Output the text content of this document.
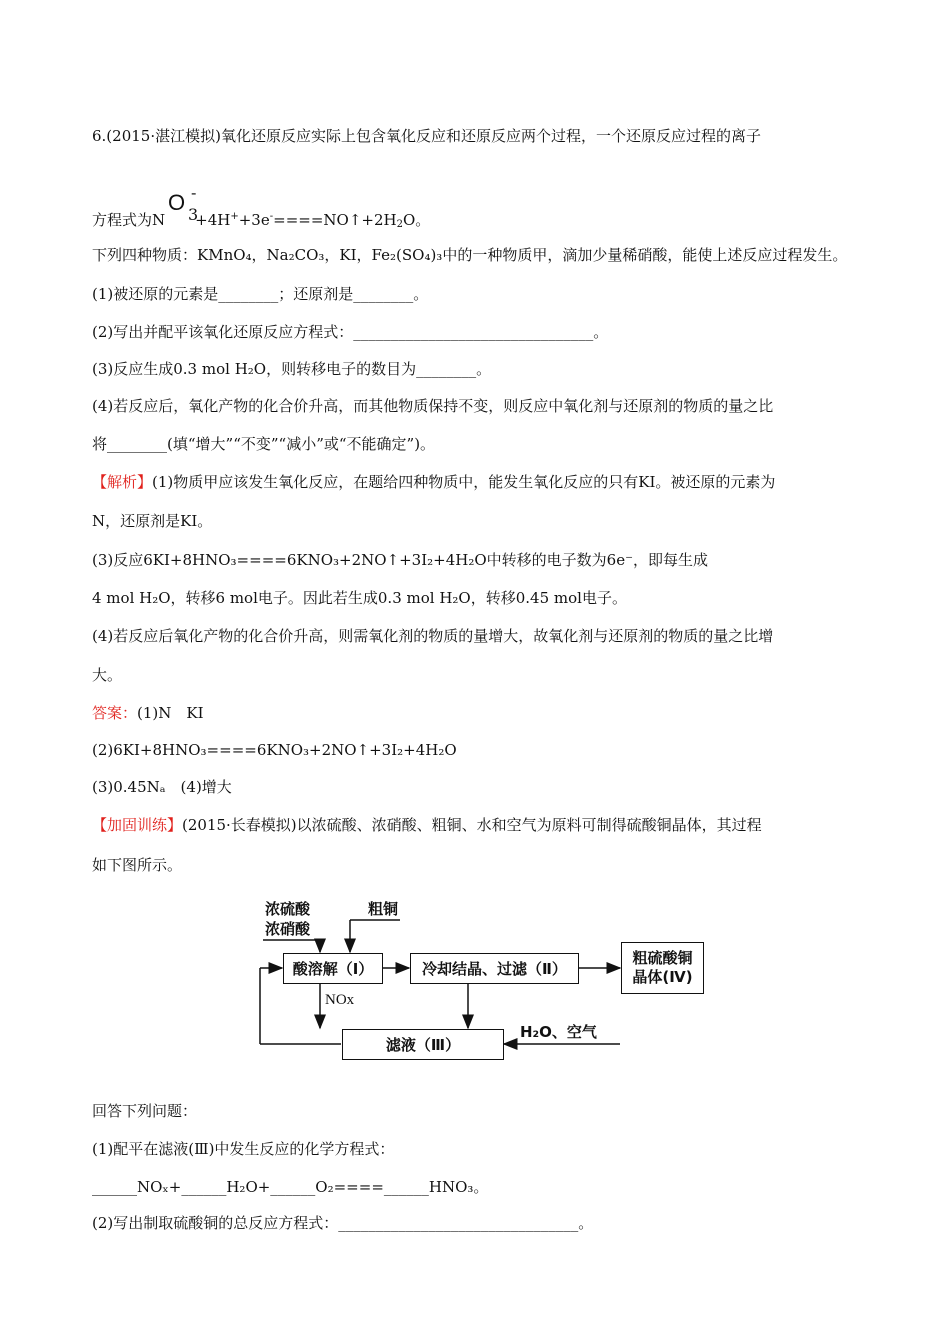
6.(2015·湛江模拟)氧化还原反应实际上包含氧化反应和还原反应两个过程，一个还原反应过程的离子
方程式为$N +4H^++3e^-====NO↑+2H_2O$。
O 3
-
下列四种物质：KMnO₄，Na₂CO₃，KI，Fe₂(SO₄)₃中的一种物质甲，滴加少量稀硝酸，能使上述反应过程发生。
(1)被还原的元素是________；还原剂是________。
(2)写出并配平该氧化还原反应方程式：________________________________。
(3)反应生成0.3 mol H₂O，则转移电子的数目为________。
(4)若反应后，氧化产物的化合价升高，而其他物质保持不变，则反应中氧化剂与还原剂的物质的量之比
将________(填“增大”“不变”“减小”或“不能确定”)。
【解析】(1)物质甲应该发生氧化反应，在题给四种物质中，能发生氧化反应的只有KI。被还原的元素为
N，还原剂是KI。
(3)反应6KI+8HNO₃====6KNO₃+2NO↑+3I₂+4H₂O中转移的电子数为6e⁻，即每生成
4 mol H₂O，转移6 mol电子。因此若生成0.3 mol H₂O，转移0.45 mol电子。
(4)若反应后氧化产物的化合价升高，则需氧化剂的物质的量增大，故氧化剂与还原剂的物质的量之比增
大。
答案：(1)N　KI
(2)6KI+8HNO₃====6KNO₃+2NO↑+3I₂+4H₂O
(3)0.45Nₐ　(4)增大
【加固训练】(2015·长春模拟)以浓硫酸、浓硝酸、粗铜、水和空气为原料可制得硫酸铜晶体，其过程
如下图所示。
浓硫酸
浓硝酸
粗铜
酸溶解（Ⅰ）	冷却结晶、过滤（Ⅱ）
粗硫酸铜
晶体(Ⅳ)
NOx
滤液（Ⅲ）
H₂O、空气
回答下列问题：
(1)配平在滤液(Ⅲ)中发生反应的化学方程式：
______NOₓ+______H₂O+______O₂====______HNO₃。
(2)写出制取硫酸铜的总反应方程式：________________________________。
